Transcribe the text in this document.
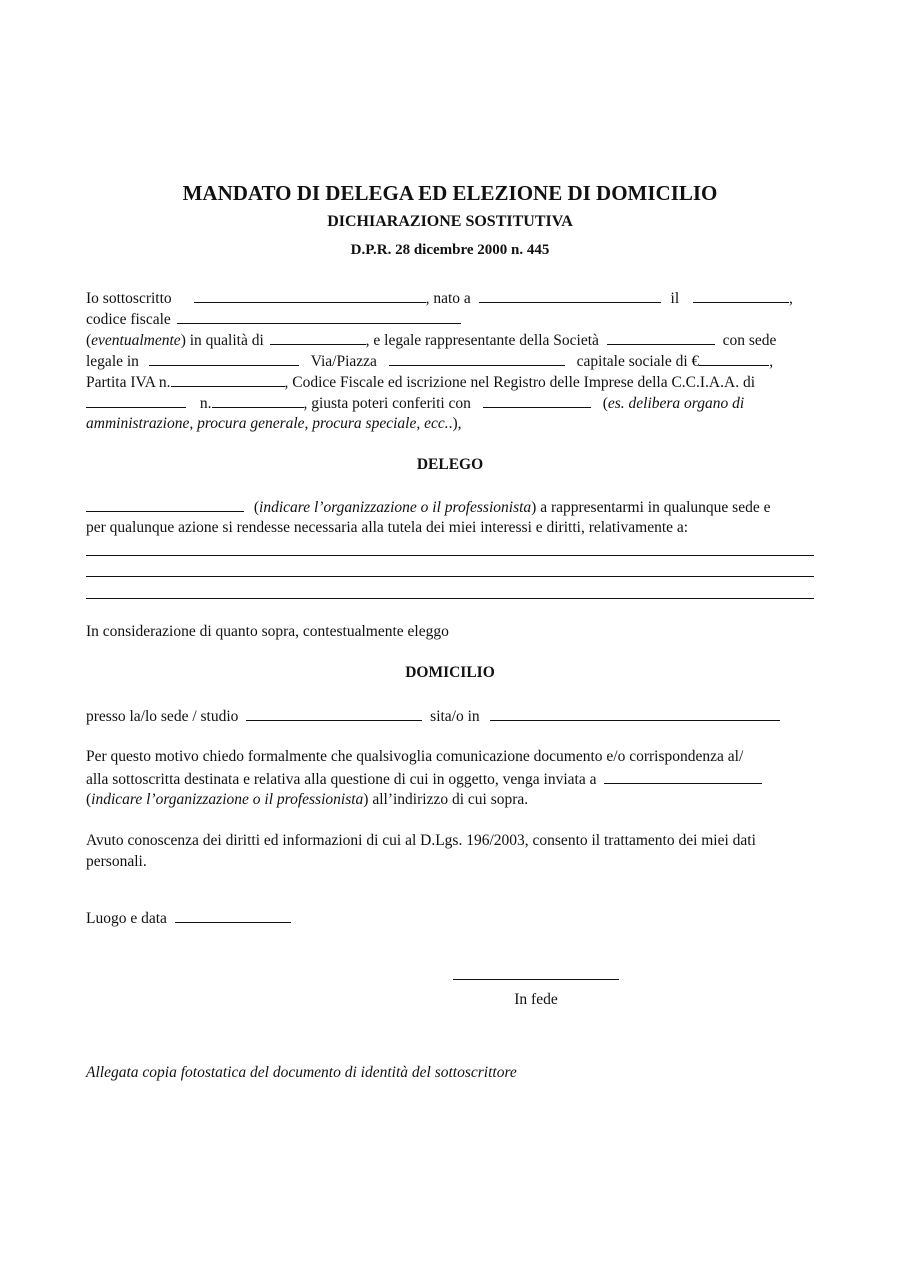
MANDATO DI DELEGA ED ELEZIONE DI DOMICILIO
DICHIARAZIONE SOSTITUTIVA
D.P.R. 28 dicembre 2000 n. 445
Io sottoscritto	, nato a	il	,
codice fiscale
(eventualmente) in qualità di	, e legale rappresentante della Società	con sede
legale in	Via/Piazza	capitale sociale di €	,
Partita IVA n.	, Codice Fiscale ed iscrizione nel Registro delle Imprese della C.C.I.A.A. di
n.	, giusta poteri conferiti con	(es. delibera organo di
amministrazione, procura generale, procura speciale, ecc..),
DELEGO
(indicare l’organizzazione o il professionista) a rappresentarmi in qualunque sede e
per qualunque azione si rendesse necessaria alla tutela dei miei interessi e diritti, relativamente a:
In considerazione di quanto sopra, contestualmente eleggo
DOMICILIO
presso la/lo sede / studio	sita/o in
Per questo motivo chiedo formalmente che qualsivoglia comunicazione documento e/o corrispondenza al/
alla sottoscritta destinata e relativa alla questione di cui in oggetto, venga inviata a
(indicare l’organizzazione o il professionista) all’indirizzo di cui sopra.
Avuto conoscenza dei diritti ed informazioni di cui al D.Lgs. 196/2003, consento il trattamento dei miei dati
personali.
Luogo e data
In fede
Allegata copia fotostatica del documento di identità del sottoscrittore
